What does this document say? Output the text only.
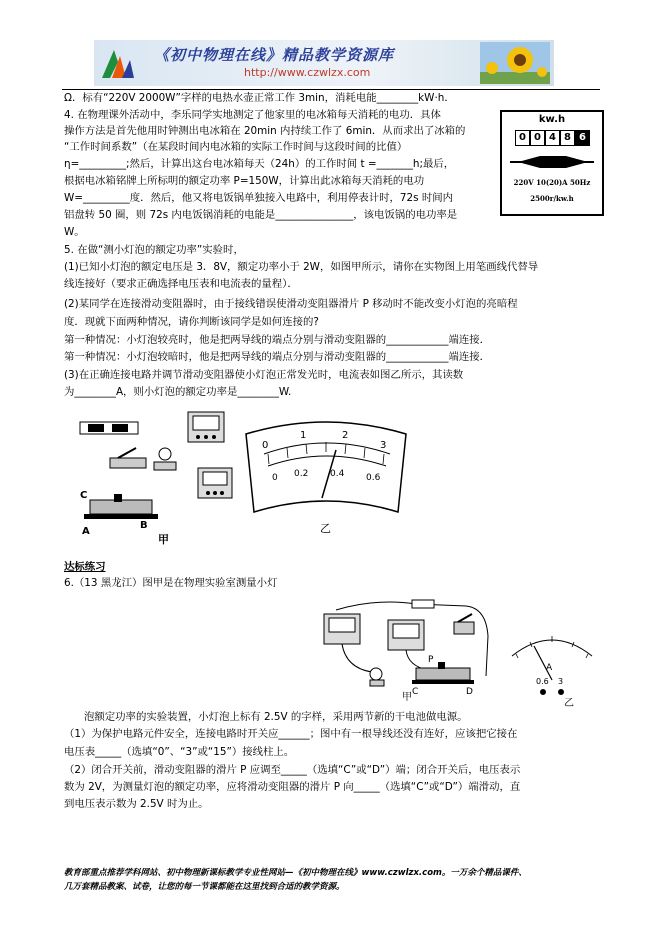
《初中物理在线》精品教学资源库
http://www.czwlzx.com
Ω．标有“220V 2000W”字样的电热水壶正常工作 3min，消耗电能________kW·h．
4. 在物理课外活动中，李乐同学实地测定了他家里的电冰箱每天消耗的电功．具体
操作方法是首先他用时钟测出电冰箱在 20min 内持续工作了 6min．从而求出了冰箱的
“工作时间系数”（在某段时间内电冰箱的实际工作时间与这段时间的比值）
η=_________;然后，计算出这台电冰箱每天（24h）的工作时间 t =_______h;最后，
根据电冰箱铭牌上所标明的额定功率 P=150W，计算出此冰箱每天消耗的电功
W=_________度．然后，他又将电饭锅单独接入电路中，利用停表计时，72s 时间内
铝盘转 50 圈，则 72s 内电饭锅消耗的电能是_______________，该电饭锅的电功率是
W。
kw.h
0 0 4 8 6
220V 10(20)A 50Hz
2500r/kw.h
5. 在做“测小灯泡的额定功率”实验时，
(1)已知小灯泡的额定电压是 3．8V，额定功率小于 2W，如图甲所示，请你在实物图上用笔画线代替导
线连接好（要求正确选择电压表和电流表的量程）．
(2)某同学在连接滑动变阻器时，由于接线错误使滑动变阻器滑片 P 移动时不能改变小灯泡的亮暗程
度．现就下面两种情况，请你判断该同学是如何连接的?
第一种情况：小灯泡较亮时，他是把两导线的端点分别与滑动变阻器的____________端连接．
第一种情况：小灯泡较暗时，他是把两导线的端点分别与滑动变阻器的____________端连接．
(3)在正确连接电路并调节滑动变阻器使小灯泡正常发光时，电流表如图乙所示，其读数
为________A，则小灯泡的额定功率是________W.
C
A
B
甲
0
1	2
3
0 0.2 0.4 0.6
乙
达标练习
6.（13 黑龙江）图甲是在物理实验室测量小灯
P
C	D
甲
A
0.6 3
乙
泡额定功率的实验装置，小灯泡上标有 2.5V 的字样，采用两节新的干电池做电源。
（1）为保护电路元件安全，连接电路时开关应______；图中有一根导线还没有连好，应该把它接在
电压表_____（选填“0”、“3”或“15”）接线柱上。
（2）闭合开关前，滑动变阻器的滑片 P 应调至_____（选填“C”或“D”）端；闭合开关后，电压表示
数为 2V，为测量灯泡的额定功率，应将滑动变阻器的滑片 P 向_____（选填“C”或“D”）端滑动，直
到电压表示数为 2.5V 时为止。
教育部重点推荐学科网站、初中物理新课标教学专业性网站—《初中物理在线》www.czwlzx.com。一万余个精品课件、
几万套精品教案、试卷，让您的每一节课都能在这里找到合适的教学资源。
